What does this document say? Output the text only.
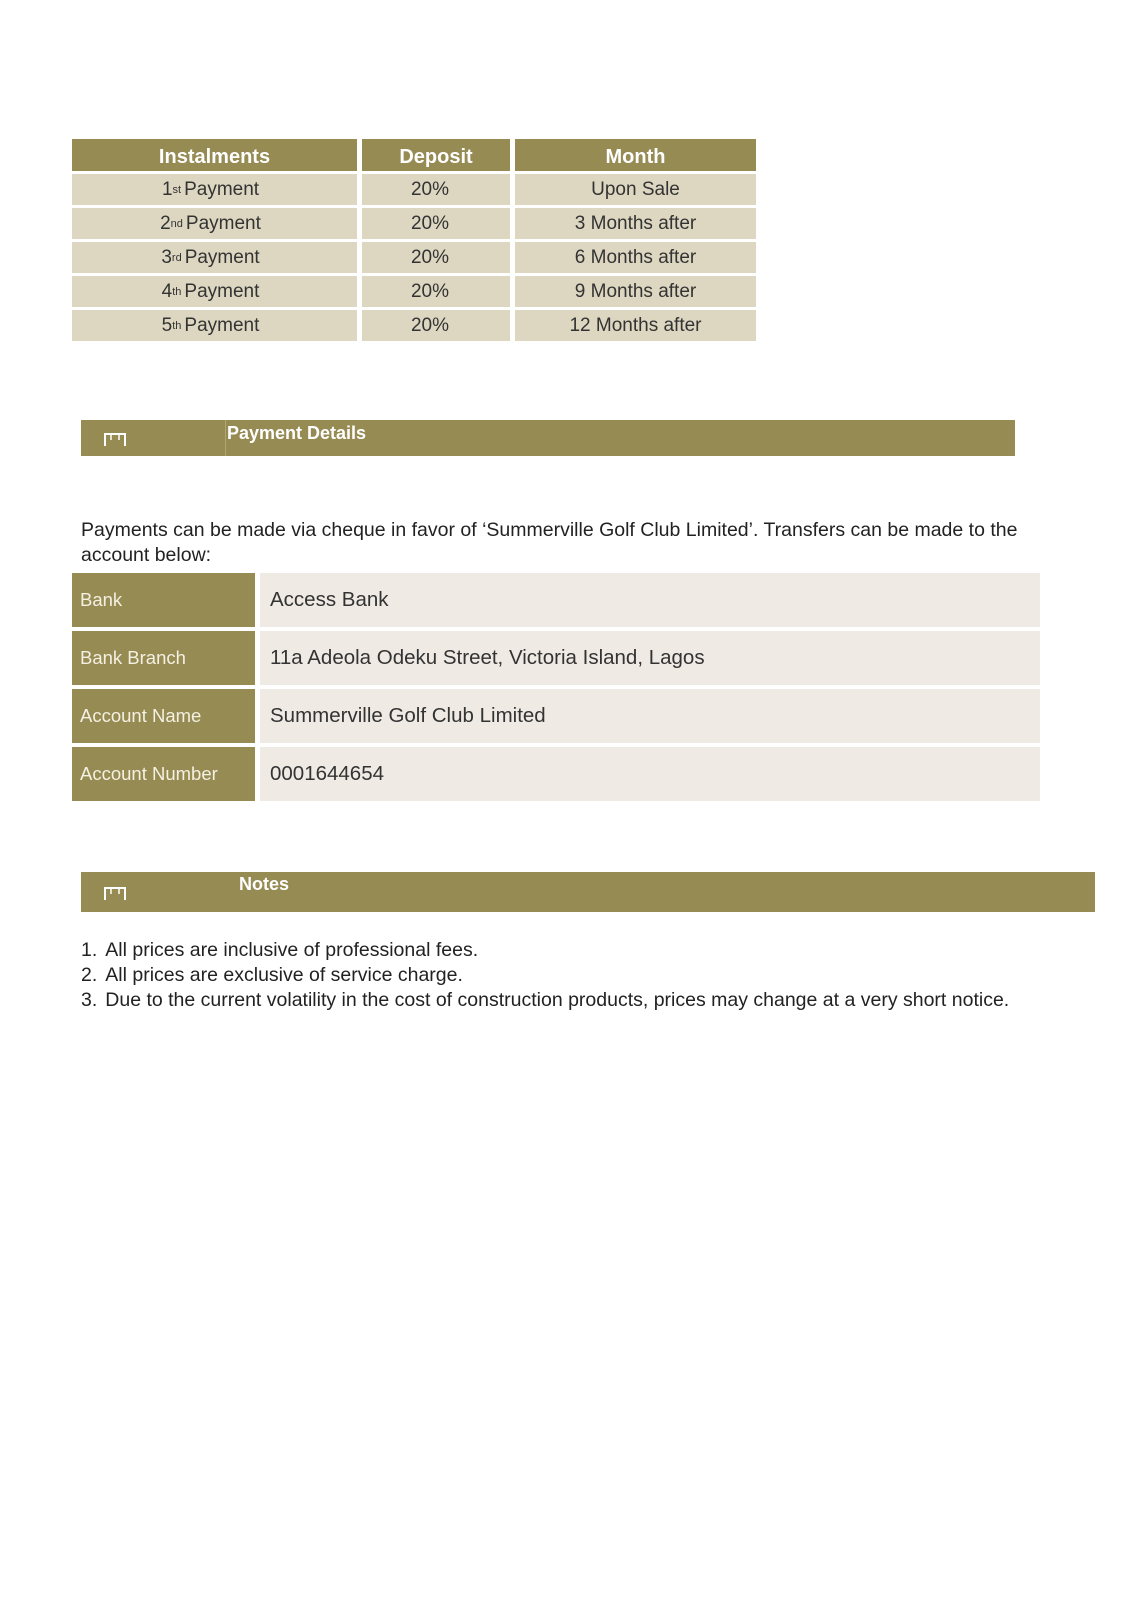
Instalments	Deposit	Month
1 st Payment	20%	Upon Sale
2 nd Payment	20%	3 Months after
3 rd Payment	20%	6 Months after
4 th Payment	20%	9 Months after
5 th Payment	20%	12 Months after
Payment Details
Payments can be made via cheque in favor of ‘Summerville Golf Club Limited’. Transfers can be made to the account below:
Bank	Access Bank
Bank Branch	11a Adeola Odeku Street, Victoria Island, Lagos
Account Name	Summerville Golf Club Limited
Account Number	0001644654
Notes
1. All prices are inclusive of professional fees.
2. All prices are exclusive of service charge.
3. Due to the current volatility in the cost of construction products, prices may change at a very short notice.
